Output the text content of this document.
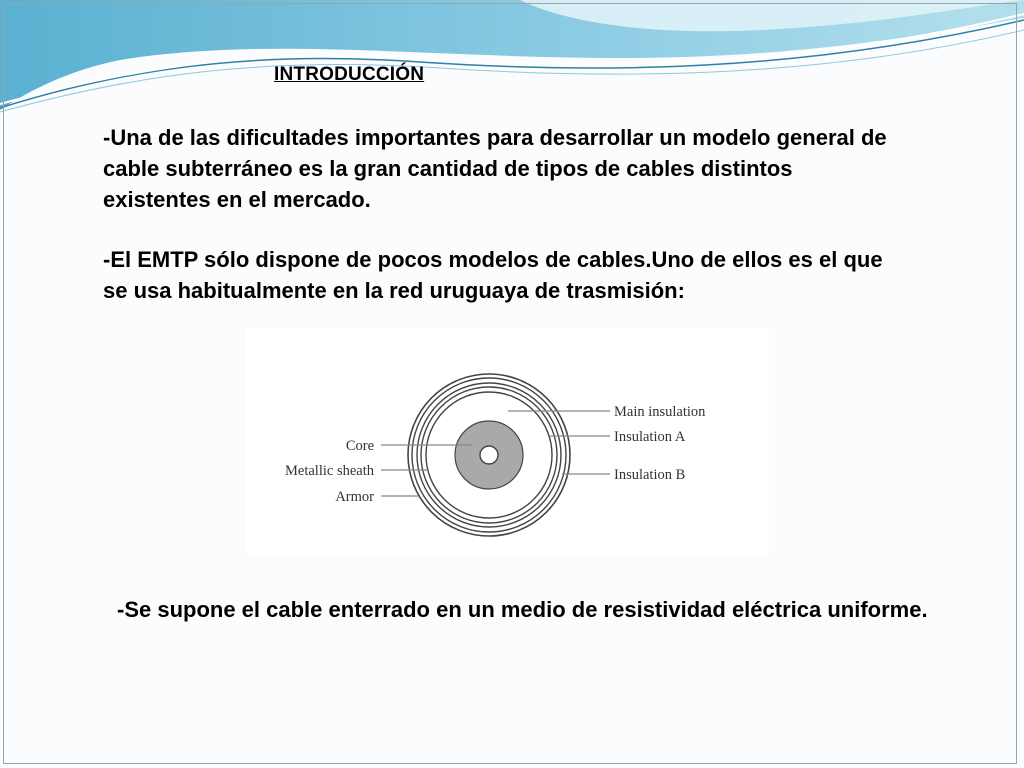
INTRODUCCIÓN

-Una de las dificultades importantes para desarrollar un modelo general de cable subterráneo es la gran cantidad de tipos de cables distintos existentes en el mercado.

-El EMTP sólo dispone de pocos modelos de cables.Uno de ellos es el que se usa habitualmente en la red uruguaya de trasmisión:

Core
Metallic sheath
Armor
Main insulation
Insulation A
Insulation B

-Se supone el cable enterrado en un medio de resistividad eléctrica uniforme.
